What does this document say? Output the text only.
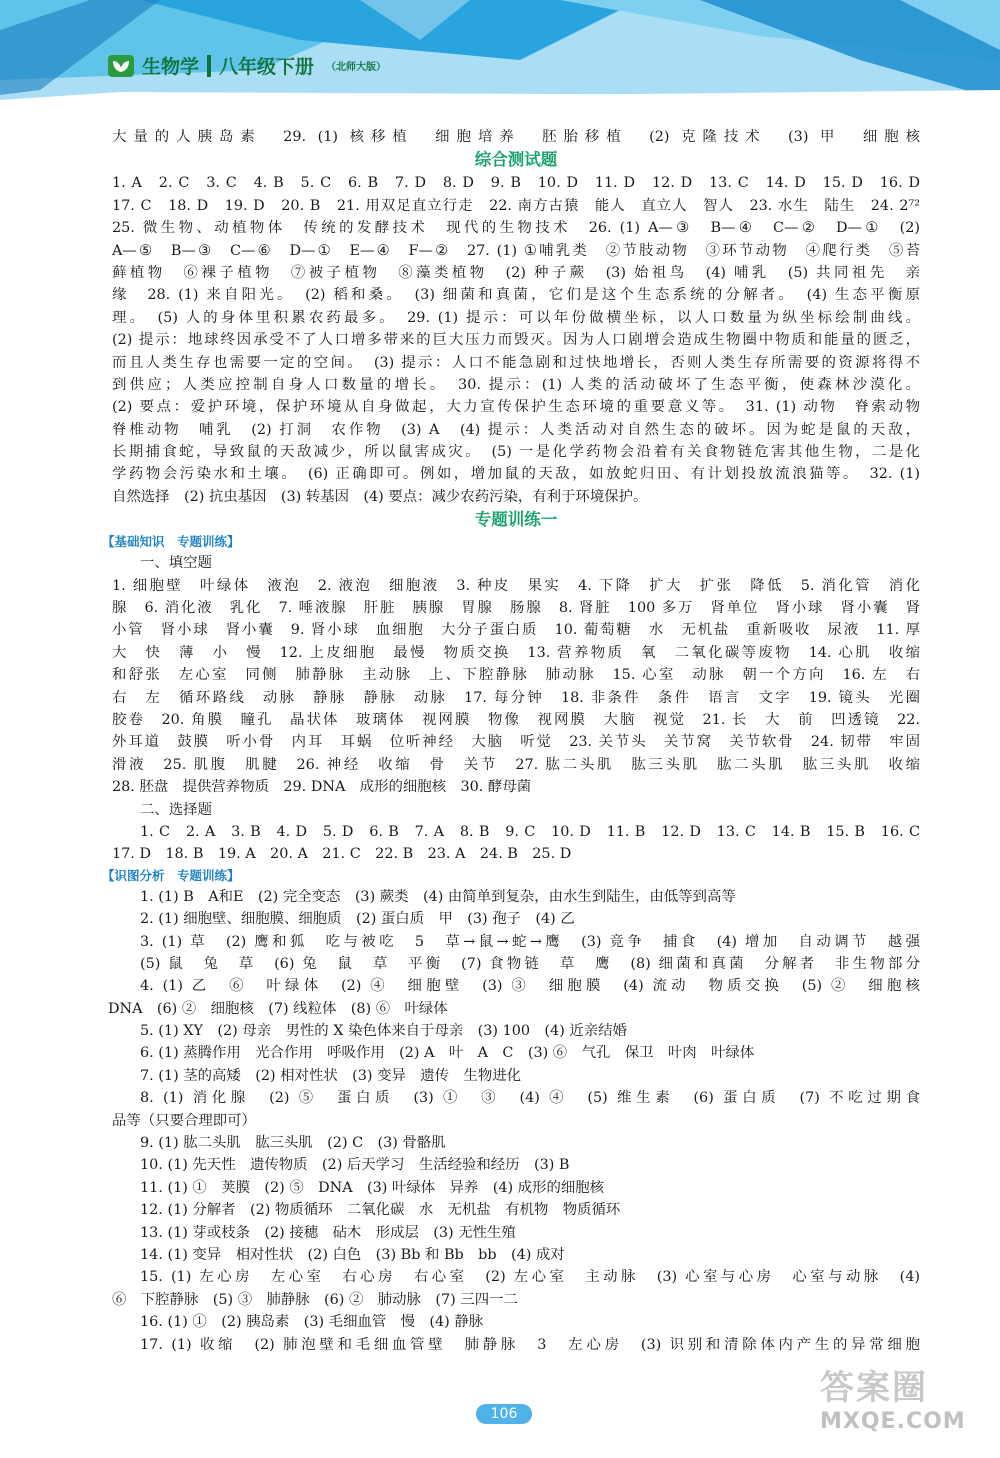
生物学 八年级下册 （北师大版）
大量的人胰岛素　29. (1) 核移植　细胞培养　胚胎移植　(2) 克隆技术　(3) 甲　细胞核
综合测试题
1. A　2. C　3. C　4. B　5. C　6. B　7. D　8. D　9. B　10. D　11. D　12. D　13. C　14. D　15. D　16. D
17. C　18. D　19. D　20. B　21. 用双足直立行走　22. 南方古猿　能人　直立人　智人　23. 水生　陆生　24. 2⁷²
25. 微生物、动植物体　传统的发酵技术　现代的生物技术　26. (1) A—③　B—④　C—②　D—①　(2)
A—⑤　B—③　C—⑥　D—①　E—④　F—②　27. (1) ①哺乳类　②节肢动物　③环节动物　④爬行类　⑤苔
藓植物　⑥裸子植物　⑦被子植物　⑧藻类植物　(2) 种子蕨　(3) 始祖鸟　(4) 哺乳　(5) 共同祖先　亲
缘　28. (1) 来自阳光。　(2) 稻和桑。　(3) 细菌和真菌，它们是这个生态系统的分解者。　(4) 生态平衡原
理。　(5) 人的身体里积累农药最多。　29. (1) 提示：可以年份做横坐标，以人口数量为纵坐标绘制曲线。
(2) 提示：地球终因承受不了人口增多带来的巨大压力而毁灭。因为人口剧增会造成生物圈中物质和能量的匮乏，
而且人类生存也需要一定的空间。　(3) 提示：人口不能急剧和过快地增长，否则人类生存所需要的资源将得不
到供应；人类应控制自身人口数量的增长。　30. 提示：(1) 人类的活动破坏了生态平衡，使森林沙漠化。
(2) 要点：爱护环境，保护环境从自身做起，大力宣传保护生态环境的重要意义等。　31. (1) 动物　脊索动物
脊椎动物　哺乳　(2) 打洞　农作物　(3) A　(4) 提示：人类活动对自然生态的破坏。因为蛇是鼠的天敌，
长期捕食蛇，导致鼠的天敌减少，所以鼠害成灾。　(5) 一是化学药物会沿着有关食物链危害其他生物，二是化
学药物会污染水和土壤。　(6) 正确即可。例如，增加鼠的天敌，如放蛇归田、有计划投放流浪猫等。　32. (1)
自然选择　(2) 抗虫基因　(3) 转基因　(4) 要点：减少农药污染，有利于环境保护。
专题训练一
【基础知识　专题训练】
一、填空题
1. 细胞壁　叶绿体　液泡　2. 液泡　细胞液　3. 种皮　果实　4. 下降　扩大　扩张　降低　5. 消化管　消化
腺　6. 消化液　乳化　7. 唾液腺　肝脏　胰腺　胃腺　肠腺　8. 肾脏　100 多万　肾单位　肾小球　肾小囊　肾
小管　肾小球　肾小囊　9. 肾小球　血细胞　大分子蛋白质　10. 葡萄糖　水　无机盐　重新吸收　尿液　11. 厚
大　快　薄　小　慢　12. 上皮细胞　最慢　物质交换　13. 营养物质　氧　二氧化碳等废物　14. 心肌　收缩
和舒张　左心室　同侧　肺静脉　主动脉　上、下腔静脉　肺动脉　15. 心室　动脉　朝一个方向　16. 左　右
右　左　循环路线　动脉　静脉　静脉　动脉　17. 每分钟　18. 非条件　条件　语言　文字　19. 镜头　光圈
胶卷　20. 角膜　瞳孔　晶状体　玻璃体　视网膜　物像　视网膜　大脑　视觉　21. 长　大　前　凹透镜　22.
外耳道　鼓膜　听小骨　内耳　耳蜗　位听神经　大脑　听觉　23. 关节头　关节窝　关节软骨　24. 韧带　牢固
滑液　25. 肌腹　肌腱　26. 神经　收缩　骨　关节　27. 肱二头肌　肱三头肌　肱二头肌　肱三头肌　收缩
28. 胚盘　提供营养物质　29. DNA　成形的细胞核　30. 酵母菌
二、选择题
1. C　2. A　3. B　4. D　5. D　6. B　7. A　8. B　9. C　10. D　11. B　12. D　13. C　14. B　15. B　16. C
17. D　18. B　19. A　20. A　21. C　22. B　23. A　24. B　25. D
【识图分析　专题训练】
1. (1) B　A和E　(2) 完全变态　(3) 蕨类　(4) 由简单到复杂，由水生到陆生，由低等到高等
2. (1) 细胞壁、细胞膜、细胞质　(2) 蛋白质　甲　(3) 孢子　(4) 乙
3. (1) 草　(2) 鹰和狐　吃与被吃　5　草→鼠→蛇→鹰　(3) 竞争　捕食　(4) 增加　自动调节　越强
(5) 鼠　兔　草　(6) 兔　鼠　草　平衡　(7) 食物链　草　鹰　(8) 细菌和真菌　分解者　非生物部分
4. (1) 乙　⑥　叶绿体　(2) ④　细胞壁　(3) ③　细胞膜　(4) 流动　物质交换　(5) ②　细胞核
DNA　(6) ②　细胞核　(7) 线粒体　(8) ⑥　叶绿体
5. (1) XY　(2) 母亲　男性的 X 染色体来自于母亲　(3) 100　(4) 近亲结婚
6. (1) 蒸腾作用　光合作用　呼吸作用　(2) A　叶　A　C　(3) ⑥　气孔　保卫　叶肉　叶绿体
7. (1) 茎的高矮　(2) 相对性状　(3) 变异　遗传　生物进化
8. (1) 消化腺　(2) ⑤　蛋白质　(3) ①　③　(4) ④　(5) 维生素　(6) 蛋白质　(7) 不吃过期食
品等（只要合理即可）
9. (1) 肱二头肌　肱三头肌　(2) C　(3) 骨骼肌
10. (1) 先天性　遗传物质　(2) 后天学习　生活经验和经历　(3) B
11. (1) ①　荚膜　(2) ⑤　DNA　(3) 叶绿体　异养　(4) 成形的细胞核
12. (1) 分解者　(2) 物质循环　二氧化碳　水　无机盐　有机物　物质循环
13. (1) 芽或枝条　(2) 接穗　砧木　形成层　(3) 无性生殖
14. (1) 变异　相对性状　(2) 白色　(3) Bb 和 Bb　bb　(4) 成对
15. (1) 左心房　左心室　右心房　右心室　(2) 左心室　主动脉　(3) 心室与心房　心室与动脉　(4)
⑥　下腔静脉　(5) ③　肺静脉　(6) ②　肺动脉　(7) 三四一二
16. (1) ①　(2) 胰岛素　(3) 毛细血管　慢　(4) 静脉
17. (1) 收缩　(2) 肺泡壁和毛细血管壁　肺静脉　3　左心房　(3) 识别和清除体内产生的异常细胞
106
答案圈
MXQE.COM
